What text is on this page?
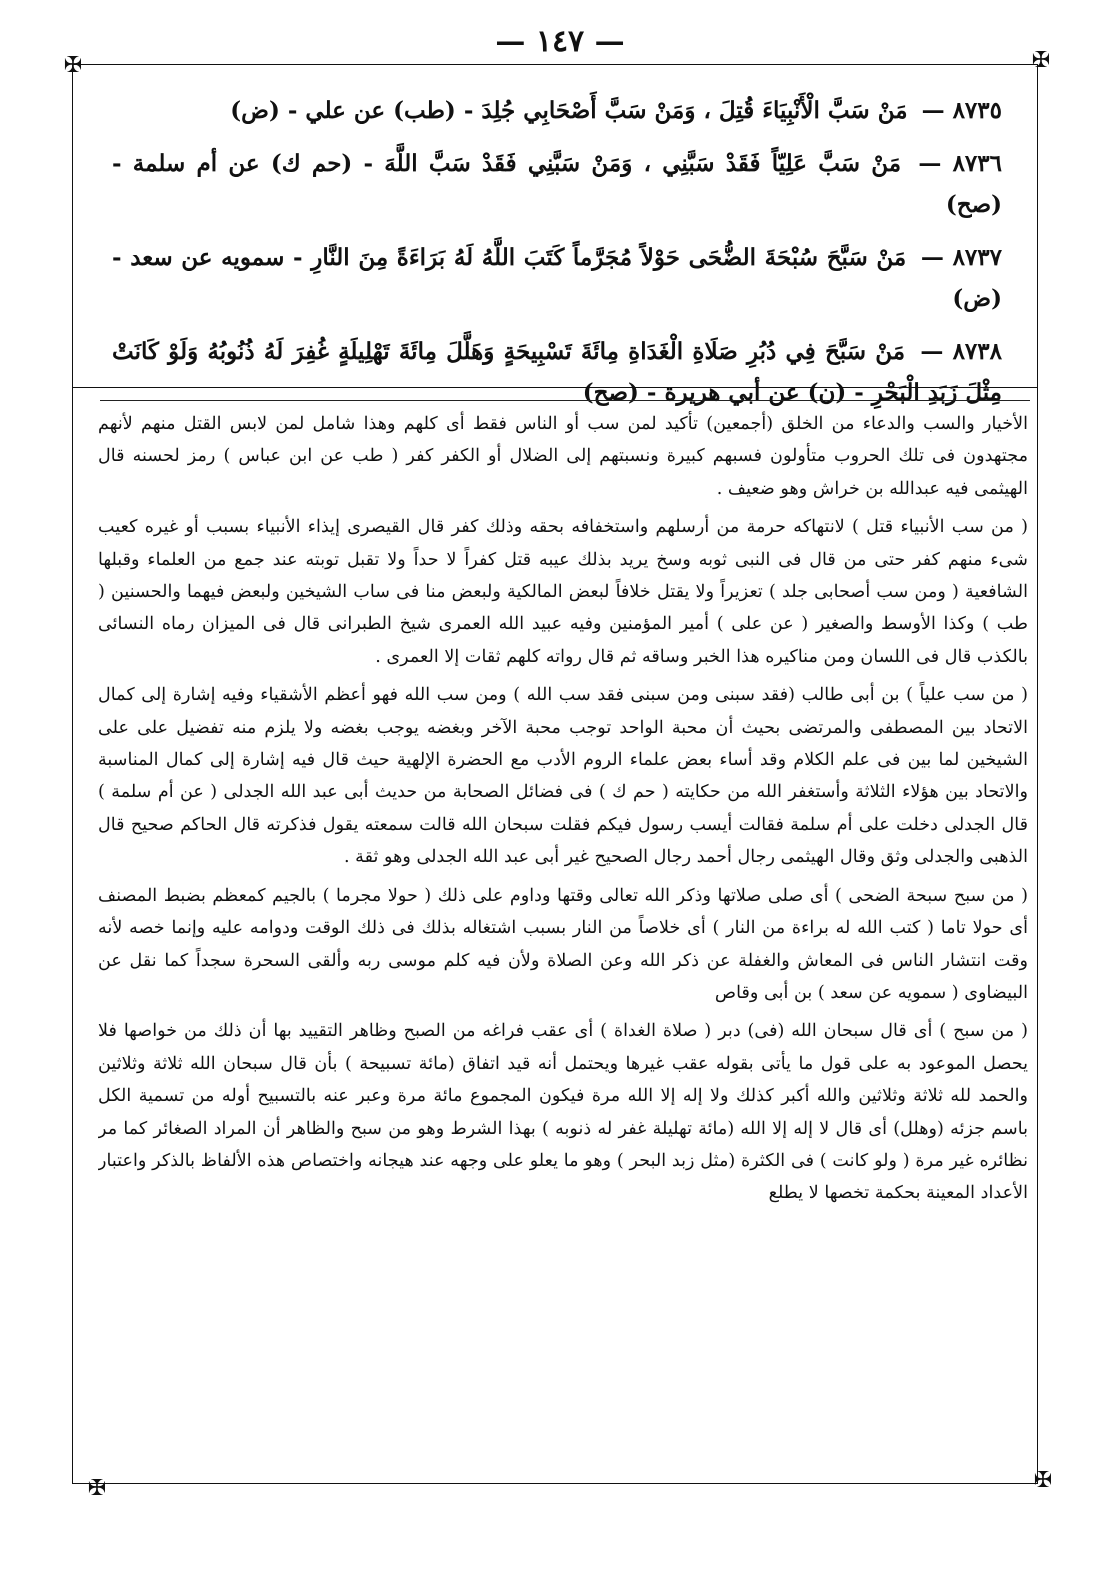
— ١٤٧ —
✠	✠
✠	✠

٨٧٣٥ — مَنْ سَبَّ الْأَنْبِيَاءَ قُتِلَ ، وَمَنْ سَبَّ أَصْحَابِي جُلِدَ - (طب) عن علي - (ض)

٨٧٣٦ — مَنْ سَبَّ عَلِيّاً فَقَدْ سَبَّنِي ، وَمَنْ سَبَّنِي فَقَدْ سَبَّ اللَّهَ - (حم ك) عن أم سلمة - (صح)

٨٧٣٧ — مَنْ سَبَّحَ سُبْحَةَ الضُّحَى حَوْلاً مُجَرَّماً كَتَبَ اللَّهُ لَهُ بَرَاءَةً مِنَ النَّارِ - سمويه عن سعد - (ض)

٨٧٣٨ — مَنْ سَبَّحَ فِي دُبُرِ صَلَاةِ الْغَدَاةِ مِائَةَ تَسْبِيحَةٍ وَهَلَّلَ مِائَةَ تَهْلِيلَةٍ غُفِرَ لَهُ ذُنُوبُهُ وَلَوْ كَانَتْ مِثْلَ زَبَدِ الْبَحْرِ - (ن) عن أبي هريرة - (صح)

الأخيار والسب والدعاء من الخلق (أجمعين) تأكيد لمن سب أو الناس فقط أى كلهم وهذا شامل لمن لابس القتل منهم لأنهم مجتهدون فى تلك الحروب متأولون فسبهم كبيرة ونسبتهم إلى الضلال أو الكفر كفر ( طب عن ابن عباس ) رمز لحسنه قال الهيثمى فيه عبدالله بن خراش وهو ضعيف .

( من سب الأنبياء قتل ) لانتهاكه حرمة من أرسلهم واستخفافه بحقه وذلك كفر قال القيصرى إيذاء الأنبياء بسبب أو غيره كعيب شىء منهم كفر حتى من قال فى النبى ثوبه وسخ يريد بذلك عيبه قتل كفراً لا حداً ولا تقبل توبته عند جمع من العلماء وقبلها الشافعية ( ومن سب أصحابى جلد ) تعزيراً ولا يقتل خلافاً لبعض المالكية ولبعض منا فى ساب الشيخين ولبعض فيهما والحسنين ( طب ) وكذا الأوسط والصغير ( عن على ) أمير المؤمنين وفيه عبيد الله العمرى شيخ الطبرانى قال فى الميزان رماه النسائى بالكذب قال فى اللسان ومن مناكيره هذا الخبر وساقه ثم قال رواته كلهم ثقات إلا العمرى .

( من سب علياً ) بن أبى طالب (فقد سبنى ومن سبنى فقد سب الله ) ومن سب الله فهو أعظم الأشقياء وفيه إشارة إلى كمال الاتحاد بين المصطفى والمرتضى بحيث أن محبة الواحد توجب محبة الآخر وبغضه يوجب بغضه ولا يلزم منه تفضيل على على الشيخين لما بين فى علم الكلام وقد أساء بعض علماء الروم الأدب مع الحضرة الإلهية حيث قال فيه إشارة إلى كمال المناسبة والاتحاد بين هؤلاء الثلاثة وأستغفر الله من حكايته ( حم ك ) فى فضائل الصحابة من حديث أبى عبد الله الجدلى ( عن أم سلمة ) قال الجدلى دخلت على أم سلمة فقالت أيسب رسول فيكم فقلت سبحان الله قالت سمعته يقول فذكرته قال الحاكم صحيح قال الذهبى والجدلى وثق وقال الهيثمى رجال أحمد رجال الصحيح غير أبى عبد الله الجدلى وهو ثقة .

( من سبح سبحة الضحى ) أى صلى صلاتها وذكر الله تعالى وقتها وداوم على ذلك ( حولا مجرما ) بالجيم كمعظم بضبط المصنف أى حولا تاما ( كتب الله له براءة من النار ) أى خلاصاً من النار بسبب اشتغاله بذلك فى ذلك الوقت ودوامه عليه وإنما خصه لأنه وقت انتشار الناس فى المعاش والغفلة عن ذكر الله وعن الصلاة ولأن فيه كلم موسى ربه وألقى السحرة سجداً كما نقل عن البيضاوى ( سمويه عن سعد ) بن أبى وقاص

( من سبح ) أى قال سبحان الله (فى) دبر ( صلاة الغداة ) أى عقب فراغه من الصبح وظاهر التقييد بها أن ذلك من خواصها فلا يحصل الموعود به على قول ما يأتى بقوله عقب غيرها ويحتمل أنه قيد اتفاق (مائة تسبيحة ) بأن قال سبحان الله ثلاثة وثلاثين والحمد لله ثلاثة وثلاثين والله أكبر كذلك ولا إله إلا الله مرة فيكون المجموع مائة مرة وعبر عنه بالتسبيح أوله من تسمية الكل باسم جزئه (وهلل) أى قال لا إله إلا الله (مائة تهليلة غفر له ذنوبه ) بهذا الشرط وهو من سبح والظاهر أن المراد الصغائر كما مر نظائره غير مرة ( ولو كانت ) فى الكثرة (مثل زبد البحر ) وهو ما يعلو على وجهه عند هيجانه واختصاص هذه الألفاظ بالذكر واعتبار الأعداد المعينة بحكمة تخصها لا يطلع
